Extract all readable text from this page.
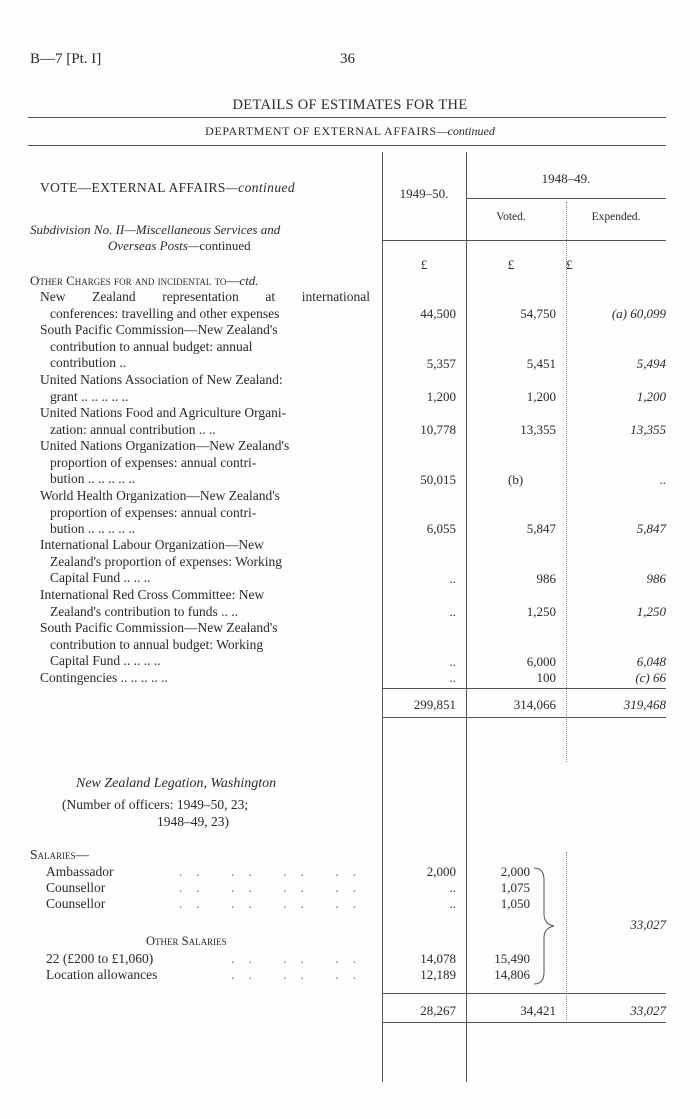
B—7 [Pt. I]	36
DETAILS OF ESTIMATES FOR THE
DEPARTMENT OF EXTERNAL AFFAIRS—continued
VOTE—EXTERNAL AFFAIRS—continued
Subdivision No. II—Miscellaneous Services and
Overseas Posts—continued
1949–50.
1948–49.
Voted.	Expended.
£	£	£
Other Charges for and incidental to—ctd.
New Zealand representation at international
conferences: travelling and other expenses	44,500	54,750	(a) 60,099
South Pacific Commission—New Zealand's
contribution to annual budget: annual
contribution ..	5,357	5,451	5,494
United Nations Association of New Zealand:
grant .. .. .. .. ..	1,200	1,200	1,200
United Nations Food and Agriculture Organi-
zation: annual contribution .. ..	10,778	13,355	13,355
United Nations Organization—New Zealand's
proportion of expenses: annual contri-
bution .. .. .. .. ..	50,015	(b)	..
World Health Organization—New Zealand's
proportion of expenses: annual contri-
bution .. .. .. .. ..	6,055	5,847	5,847
International Labour Organization—New
Zealand's proportion of expenses: Working
Capital Fund .. .. ..	..	986	986
International Red Cross Committee: New
Zealand's contribution to funds .. ..	..	1,250	1,250
South Pacific Commission—New Zealand's
contribution to annual budget: Working
Capital Fund .. .. .. ..	..	6,000	6,048
Contingencies .. .. .. .. ..	..	100	(c) 66
299,851	314,066	319,468
New Zealand Legation, Washington
(Number of officers: 1949–50, 23;
1948–49, 23)
Salaries—
Ambassador	.. .. .. ..	2,000	2,000
Counsellor	.. .. .. ..	..	1,075
Counsellor	.. .. .. ..	..	1,050
Other Salaries
22 (£200 to £1,060)	.. .. ..	14,078	15,490
Location allowances	.. .. ..	12,189	14,806
33,027
28,267	34,421	33,027
